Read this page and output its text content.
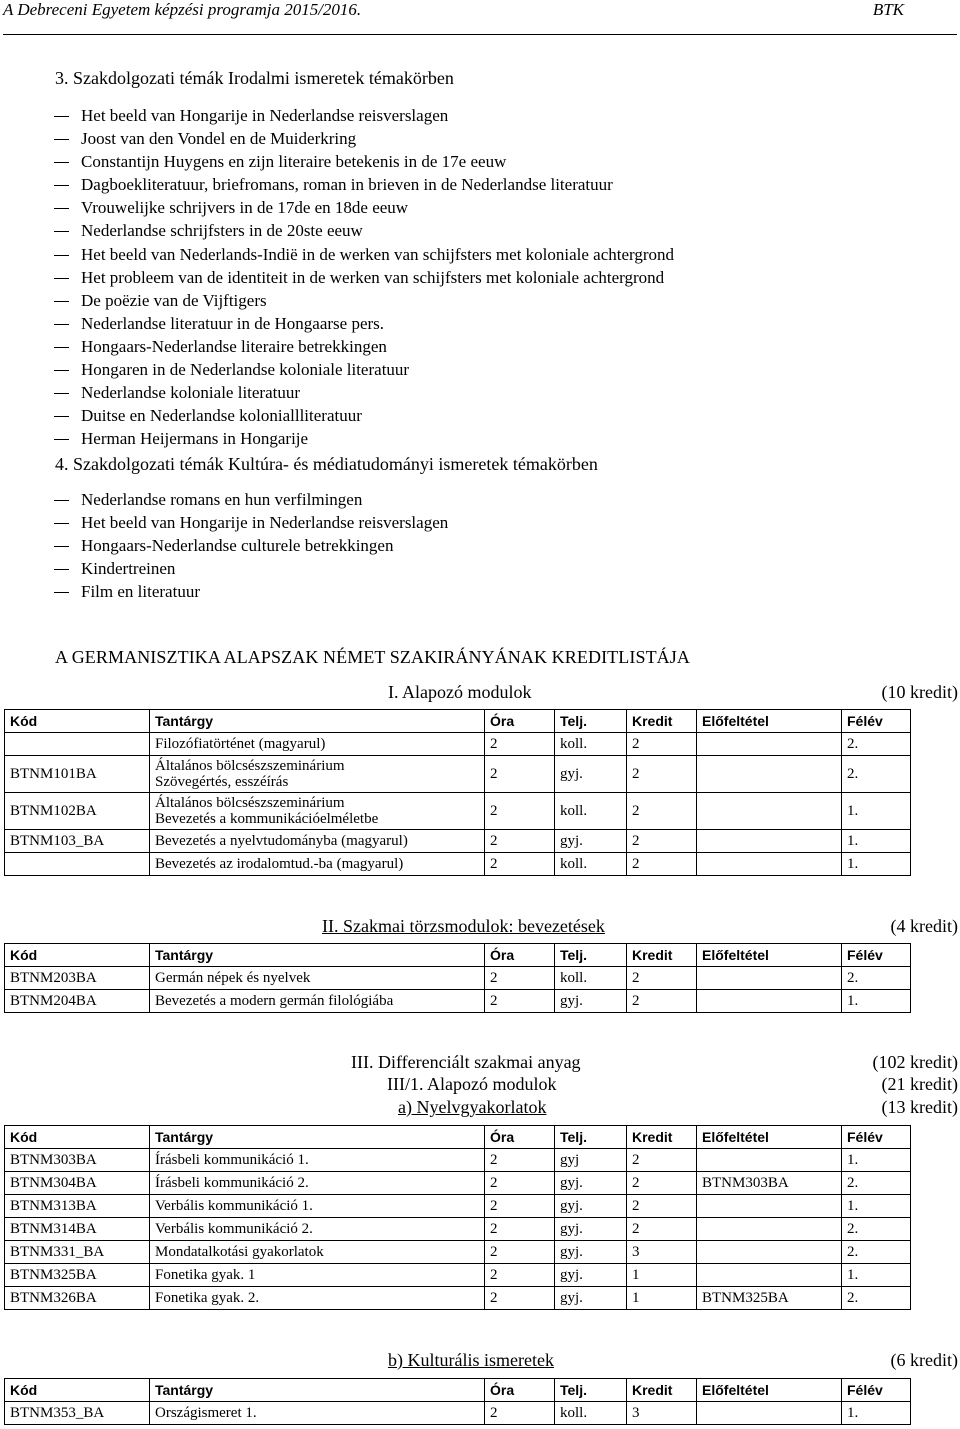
A Debreceni Egyetem képzési programja 2015/2016.	BTK
3. Szakdolgozati témák Irodalmi ismeretek témakörben
Het beeld van Hongarije in Nederlandse reisverslagen
Joost van den Vondel en de Muiderkring
Constantijn Huygens en zijn literaire betekenis in de 17e eeuw
Dagboekliteratuur, briefromans, roman in brieven in de Nederlandse literatuur
Vrouwelijke schrijvers in de 17de en 18de eeuw
Nederlandse schrijfsters in de 20ste eeuw
Het beeld van Nederlands-Indië in de werken van schijfsters met koloniale achtergrond
Het probleem van de identiteit in de werken van schijfsters met koloniale achtergrond
De poëzie van de Vijftigers
Nederlandse literatuur in de Hongaarse pers.
Hongaars-Nederlandse literaire betrekkingen
Hongaren in de Nederlandse koloniale literatuur
Nederlandse koloniale literatuur
Duitse en Nederlandse koloniallliteratuur
Herman Heijermans in Hongarije
4. Szakdolgozati témák Kultúra- és médiatudományi ismeretek témakörben
Nederlandse romans en hun verfilmingen
Het beeld van Hongarije in Nederlandse reisverslagen
Hongaars-Nederlandse culturele betrekkingen
Kindertreinen
Film en literatuur
A GERMANISZTIKA ALAPSZAK NÉMET SZAKIRÁNYÁNAK KREDITLISTÁJA
I. Alapozó modulok	(10 kredit)
Kód	Tantárgy	Óra	Telj.	Kredit	Előfeltétel	Félév
	Filozófiatörténet (magyarul)	2	koll.	2		2.
BTNM101BA	Általános bölcsészszeminárium
Szövegértés, esszéírás	2	gyj.	2		2.
BTNM102BA	Általános bölcsészszeminárium
Bevezetés a kommunikációelméletbe	2	koll.	2		1.
BTNM103_BA	Bevezetés a nyelvtudományba (magyarul)	2	gyj.	2		1.
	Bevezetés az irodalomtud.-ba (magyarul)	2	koll.	2		1.
II. Szakmai törzsmodulok: bevezetések	(4 kredit)
Kód	Tantárgy	Óra	Telj.	Kredit	Előfeltétel	Félév
BTNM203BA	Germán népek és nyelvek	2	koll.	2		2.
BTNM204BA	Bevezetés a modern germán filológiába	2	gyj.	2		1.
III. Differenciált szakmai anyag
III/1. Alapozó modulok
a) Nyelvgyakorlatok
(102 kredit)
(21 kredit)
(13 kredit)
Kód	Tantárgy	Óra	Telj.	Kredit	Előfeltétel	Félév
BTNM303BA	Írásbeli kommunikáció 1.	2	gyj	2		1.
BTNM304BA	Írásbeli kommunikáció 2.	2	gyj.	2	BTNM303BA	2.
BTNM313BA	Verbális kommunikáció 1.	2	gyj.	2		1.
BTNM314BA	Verbális kommunikáció 2.	2	gyj.	2		2.
BTNM331_BA	Mondatalkotási gyakorlatok	2	gyj.	3		2.
BTNM325BA	Fonetika gyak. 1	2	gyj.	1		1.
BTNM326BA	Fonetika gyak. 2.	2	gyj.	1	BTNM325BA	2.
b) Kulturális ismeretek	(6 kredit)
Kód	Tantárgy	Óra	Telj.	Kredit	Előfeltétel	Félév
BTNM353_BA	Országismeret 1.	2	koll.	3		1.
